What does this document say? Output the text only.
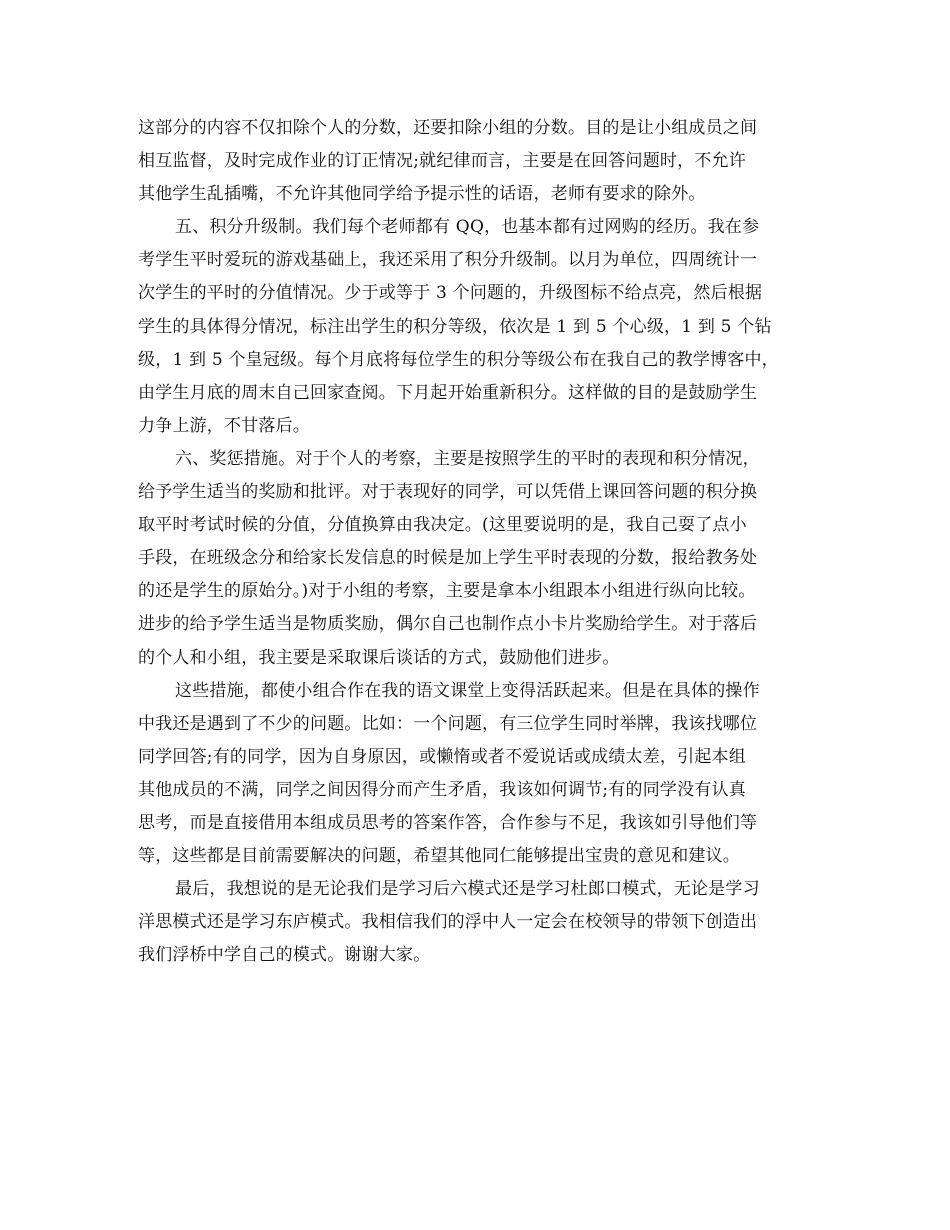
这部分的内容不仅扣除个人的分数，还要扣除小组的分数。目的是让小组成员之间
相互监督，及时完成作业的订正情况;就纪律而言，主要是在回答问题时，不允许
其他学生乱插嘴，不允许其他同学给予提示性的话语，老师有要求的除外。
五、积分升级制。我们每个老师都有 QQ，也基本都有过网购的经历。我在参
考学生平时爱玩的游戏基础上，我还采用了积分升级制。以月为单位，四周统计一
次学生的平时的分值情况。少于或等于 3 个问题的，升级图标不给点亮，然后根据
学生的具体得分情况，标注出学生的积分等级，依次是 1 到 5 个心级，1 到 5 个钻
级，1 到 5 个皇冠级。每个月底将每位学生的积分等级公布在我自己的教学博客中，
由学生月底的周末自己回家查阅。下月起开始重新积分。这样做的目的是鼓励学生
力争上游，不甘落后。
六、奖惩措施。对于个人的考察，主要是按照学生的平时的表现和积分情况，
给予学生适当的奖励和批评。对于表现好的同学，可以凭借上课回答问题的积分换
取平时考试时候的分值，分值换算由我决定。(这里要说明的是，我自己耍了点小
手段，在班级念分和给家长发信息的时候是加上学生平时表现的分数，报给教务处
的还是学生的原始分。)对于小组的考察，主要是拿本小组跟本小组进行纵向比较。
进步的给予学生适当是物质奖励，偶尔自己也制作点小卡片奖励给学生。对于落后
的个人和小组，我主要是采取课后谈话的方式，鼓励他们进步。
这些措施，都使小组合作在我的语文课堂上变得活跃起来。但是在具体的操作
中我还是遇到了不少的问题。比如：一个问题，有三位学生同时举牌，我该找哪位
同学回答;有的同学，因为自身原因，或懒惰或者不爱说话或成绩太差，引起本组
其他成员的不满，同学之间因得分而产生矛盾，我该如何调节;有的同学没有认真
思考，而是直接借用本组成员思考的答案作答，合作参与不足，我该如引导他们等
等，这些都是目前需要解决的问题，希望其他同仁能够提出宝贵的意见和建议。
最后，我想说的是无论我们是学习后六模式还是学习杜郎口模式，无论是学习
洋思模式还是学习东庐模式。我相信我们的浮中人一定会在校领导的带领下创造出
我们浮桥中学自己的模式。谢谢大家。
